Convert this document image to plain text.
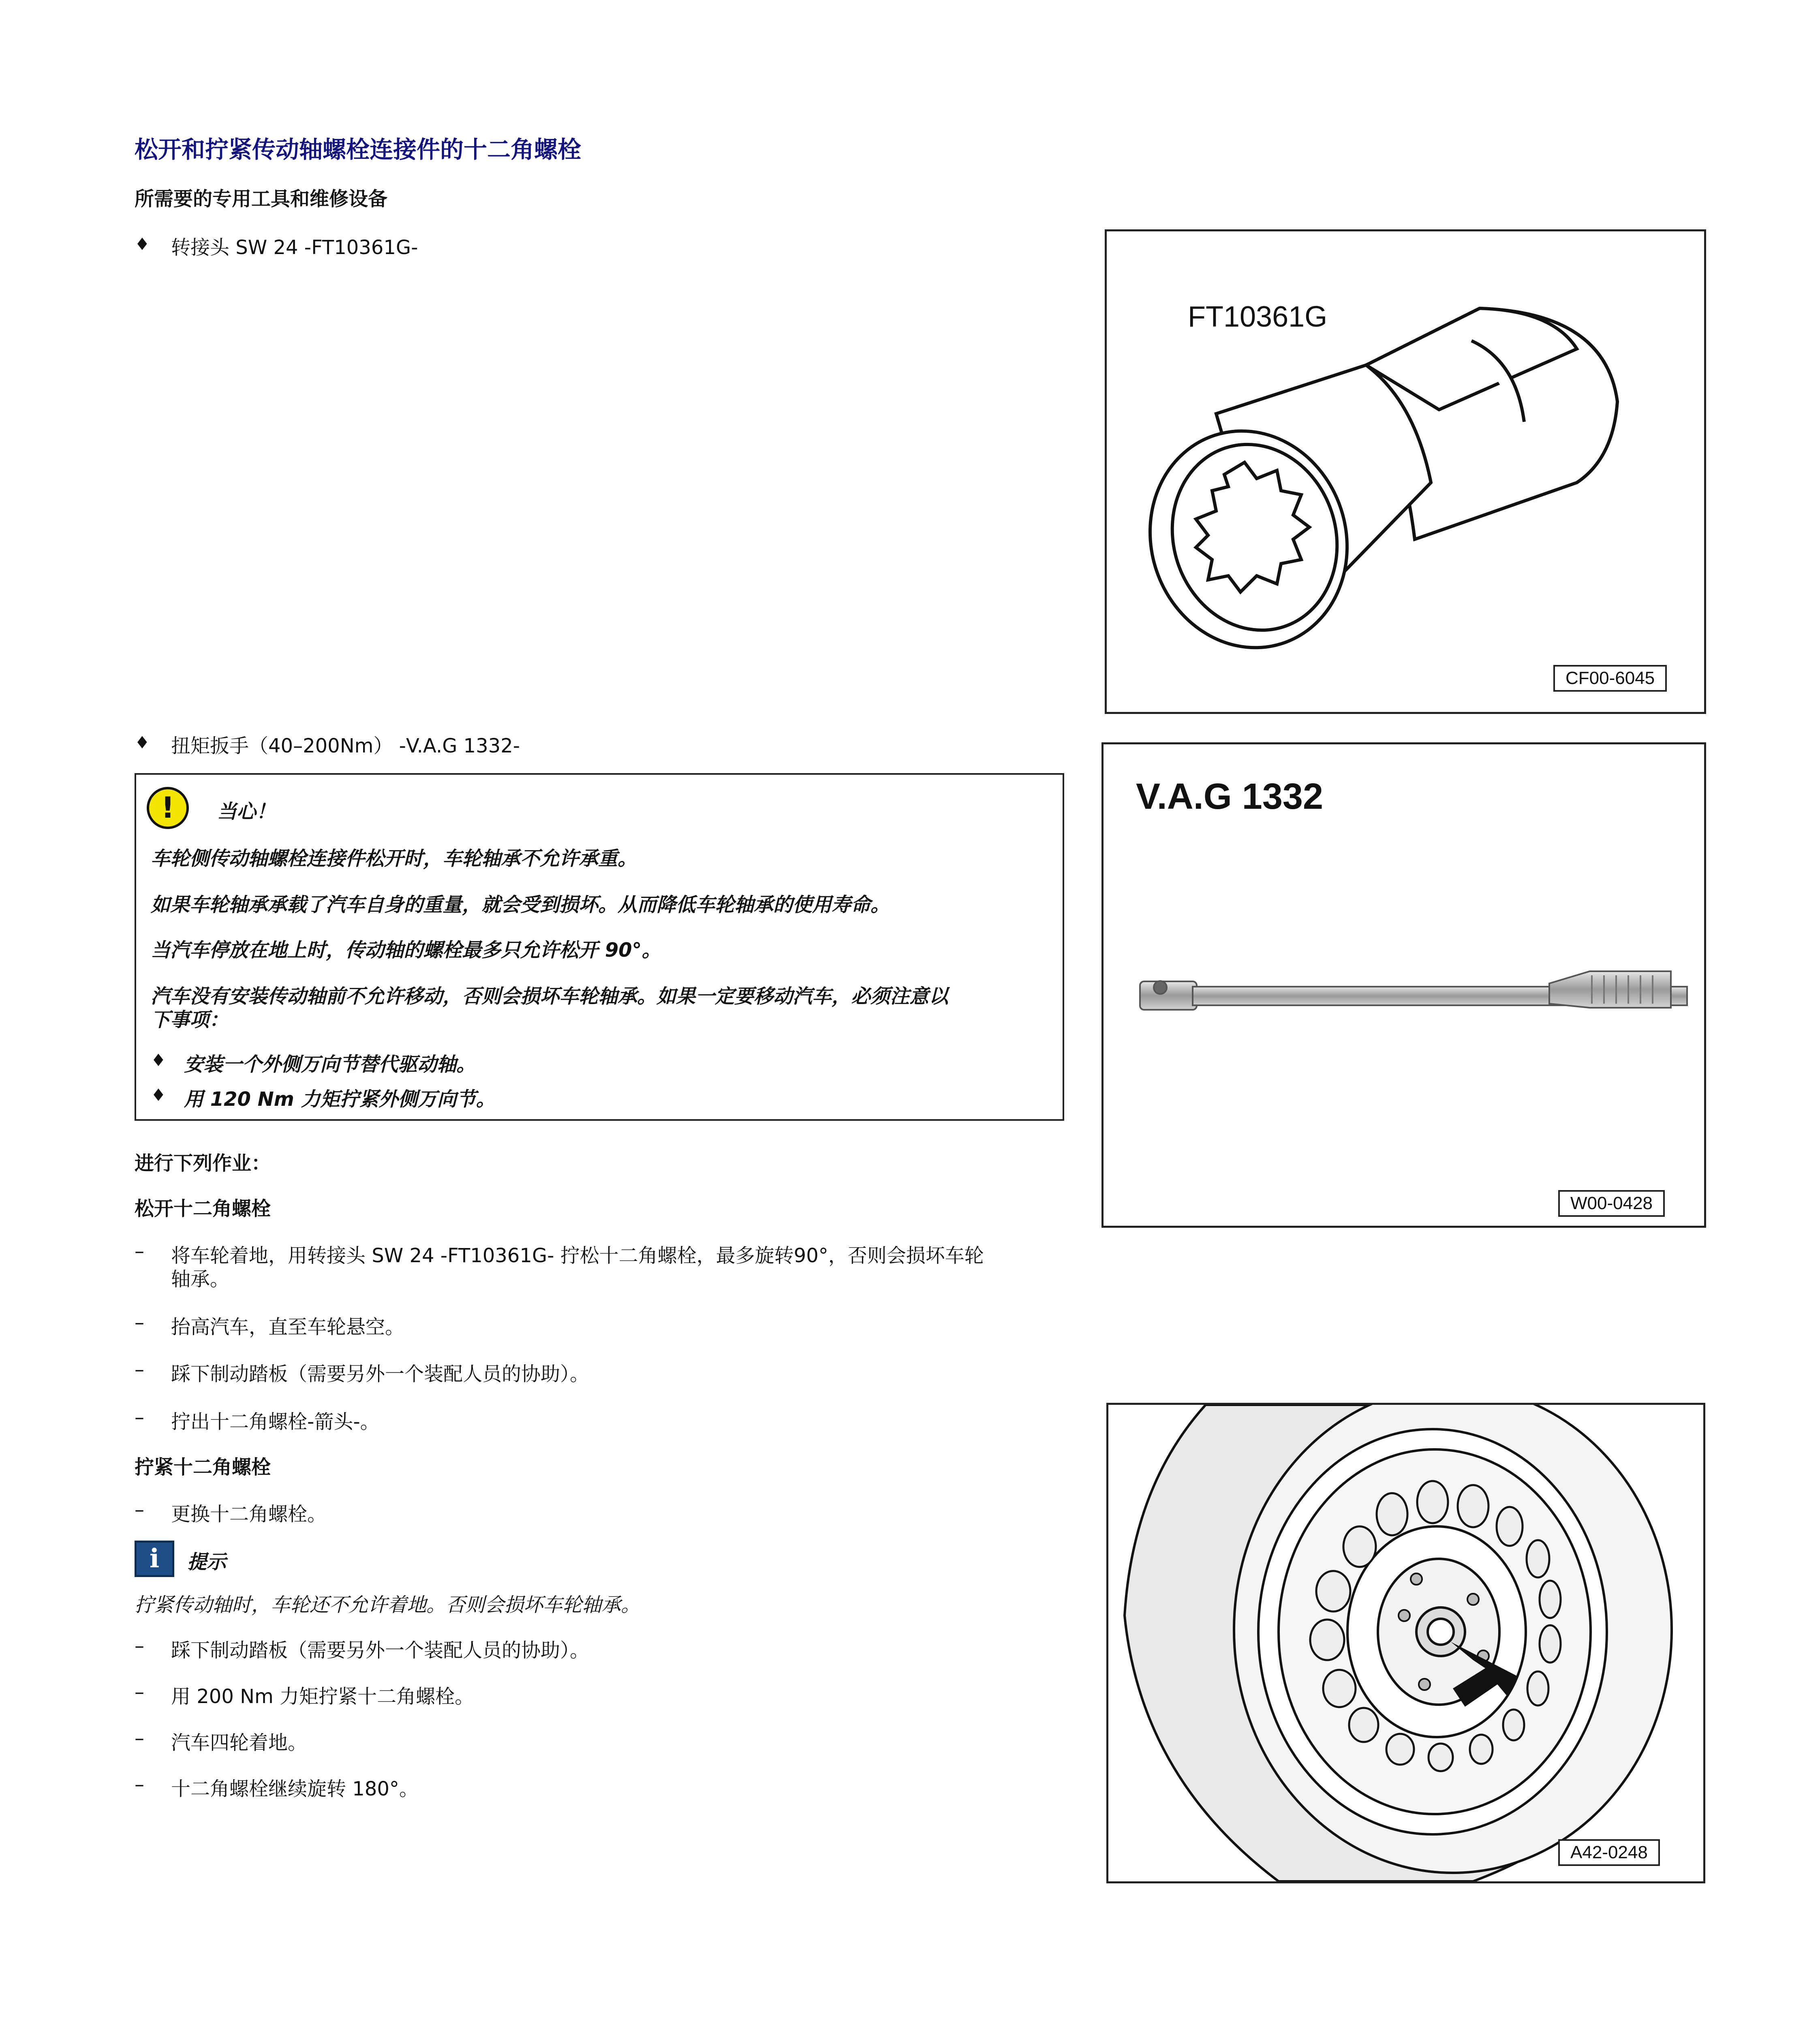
松开和拧紧传动轴螺栓连接件的十二角螺栓
所需要的专用工具和维修设备
♦ 转接头 SW 24 -FT10361G-
♦ 扭矩扳手（40–200Nm） -V.A.G 1332-
!	当心！
车轮侧传动轴螺栓连接件松开时，车轮轴承不允许承重。
如果车轮轴承承载了汽车自身的重量，就会受到损坏。从而降低车轮轴承的使用寿命。
当汽车停放在地上时，传动轴的螺栓最多只允许松开 90°。
汽车没有安装传动轴前不允许移动，否则会损坏车轮轴承。如果一定要移动汽车，必须注意以
下事项：
♦ 安装一个外侧万向节替代驱动轴。
♦ 用 120 Nm 力矩拧紧外侧万向节。
进行下列作业：
松开十二角螺栓
–	将车轮着地，用转接头 SW 24 -FT10361G- 拧松十二角螺栓，最多旋转90°，否则会损坏车轮
轴承。
–	抬高汽车，直至车轮悬空。
–	踩下制动踏板（需要另外一个装配人员的协助）。
–	拧出十二角螺栓-箭头-。
拧紧十二角螺栓
–	更换十二角螺栓。
i	提示
拧紧传动轴时，车轮还不允许着地。否则会损坏车轮轴承。
–	踩下制动踏板（需要另外一个装配人员的协助）。
–	用 200 Nm 力矩拧紧十二角螺栓。
–	汽车四轮着地。
–	十二角螺栓继续旋转 180°。
FT10361G
CF00-6045
V.A.G 1332
W00-0428
A42-0248
